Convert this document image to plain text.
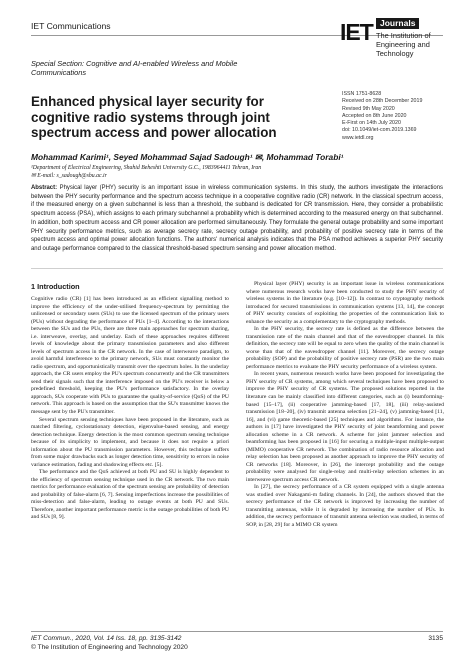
IET Communications
Special Section: Cognitive and AI-enabled Wireless and Mobile Communications
IET Journals
The Institution of Engineering and Technology
Enhanced physical layer security for cognitive radio systems through joint spectrum access and power allocation
ISSN 1751-8628
Received on 28th December 2019
Revised 9th May 2020
Accepted on 8th June 2020
E-First on 14th July 2020
doi: 10.1049/iet-com.2019.1369
www.ietdl.org
Mohammad Karimi¹, Seyed Mohammad Sajad Sadough¹ ✉, Mohammad Torabi¹
¹Department of Electrical Engineering, Shahid Beheshti University G.C., 1983964411 Tehran, Iran
✉ E-mail: s_sadough@sbu.ac.ir
Abstract: Physical layer (PHY) security is an important issue in wireless communication systems. In this study, the authors investigate the interactions between the PHY security performance and the spectrum access technique in a cooperative cognitive radio (CR) network. In the classical spectrum access, if the measured energy on a given subchannel is less than a threshold, the subband is dedicated for CR transmission. Here, they consider a probabilistic spectrum access (PSA), which assigns to each primary subchannel a probability which is determined according to the measured energy on that subchannel. In addition, both spectrum access and CR power allocation are performed simultaneously. They formulate the general outage probability and some important PHY security performance metrics, such as average secrecy rate, secrecy outage probability, and probability of positive secrecy rate in terms of the spectrum access and optimal power allocation functions. The authors' numerical analysis indicates that the PSA method achieves a superior PHY security and outage performance compared to the classical threshold-based spectrum sensing and power allocation method.
1 Introduction

Cognitive radio (CR) [1] has been introduced as an efficient signalling method to improve the efficiency of the under-utilised frequency-spectrum by permitting the unlicensed or secondary users (SUs) to use the licensed spectrum of the primary users (PUs) without degrading the performance of PUs [1–4]. According to the interactions between the SUs and the PUs, there are three main approaches for spectrum sharing, i.e. interweave, overlay, and underlay. Each of these approaches requires different levels of knowledge about the primary transmission parameters and also different levels of spectrum access in the CR network. In the case of interweave paradigm, to avoid harmful interference to the primary network, SUs must constantly monitor the radio spectrum, and opportunistically transmit over the spectrum holes. In the underlay approach, the CR users employ the PU's spectrum concurrently and the CR transmitters send their signals such that the interference imposed on the PU's receiver is below a predefined threshold, keeping the PU's performance satisfactory. In the overlay approach, SUs cooperate with PUs to guarantee the quality-of-service (QoS) of the PU network. This approach is based on the assumption that the SU's transmitter knows the message sent by the PU's transmitter.

Several spectrum sensing techniques have been proposed in the literature, such as matched filtering, cyclostationary detection, eigenvalue-based sensing, and energy detection technique. Energy detection is the most common spectrum sensing technique because of its simplicity to implement, and because it does not require a priori information about the PU transmission parameters. However, this technique suffers from some major drawbacks such as longer detection time, sensitivity to errors in noise variance estimation, fading and shadowing effects etc. [5].

The performance and the QoS achieved at both PU and SU is highly dependent to the efficiency of spectrum sensing technique used in the CR network. The two main metrics for performance evaluation of the spectrum sensing are probability of detection and probability of false-alarm [6, 7]. Sensing imperfections increase the possibilities of miss-detection and false-alarm, leading to outage events at both PU and SUs. Therefore, another important performance metric is the outage probabilities of both PU and SUs [8, 9].

Physical layer (PHY) security is an important issue in wireless communications where numerous research works have been conducted to study the PHY security of wireless systems in the literature (e.g. [10–12]). In contrast to cryptography methods introduced for secured transmissions in communication systems [13, 14], the concept of PHY security consists of exploiting the properties of the communication link to enhance the security as a complementary to the cryptography methods.

In the PHY security, the secrecy rate is defined as the difference between the transmission rate of the main channel and that of the eavesdropper channel. In this definition, the secrecy rate will be equal to zero when the quality of the main channel is worse than that of the eavesdropper channel [11]. Moreover, the secrecy outage probability (SOP) and the probability of positive secrecy rate (PSR) are the two main performance metrics to evaluate the PHY security performance of a wireless system.

In recent years, numerous research works have been proposed for investigating the PHY security of CR systems, among which several techniques have been proposed to improve the PHY security of CR systems. The proposed solutions reported in the literature can be mainly classified into different categories, such as (i) beamforming-based [15–17], (ii) cooperative jamming-based [17, 18], (iii) relay-assisted transmission [18–20], (iv) transmit antenna selection [21–24], (v) jamming-based [11, 16], and (vi) game theoretic-based [25] techniques and algorithms. For instance, the authors in [17] have investigated the PHY security of joint beamforming and power allocation scheme in a CR network. A scheme for joint jammer selection and beamforming has been proposed in [16] for securing a multiple-input multiple-output (MIMO) cooperative CR network. The combination of radio resource allocation and relay selection has been proposed as another approach to improve the PHY security of CR networks [18]. Moreover, in [26], the intercept probability and the outage probability were analysed for single-relay and multi-relay selection schemes in an interweave spectrum access CR network.

In [27], the secrecy performance of a CR system equipped with a single antenna was studied over Nakagami-m fading channels. In [24], the authors showed that the secrecy performance of the CR network is improved by increasing the number of transmitting antennas, while it is degraded by increasing the number of PUs. In addition, the secrecy performance of transmit antenna selection was studied, in terms of SOP, in [28, 29] for a MIMO CR system

IET Commun., 2020, Vol. 14 Iss. 18, pp. 3135-3142
© The Institution of Engineering and Technology 2020
3135
